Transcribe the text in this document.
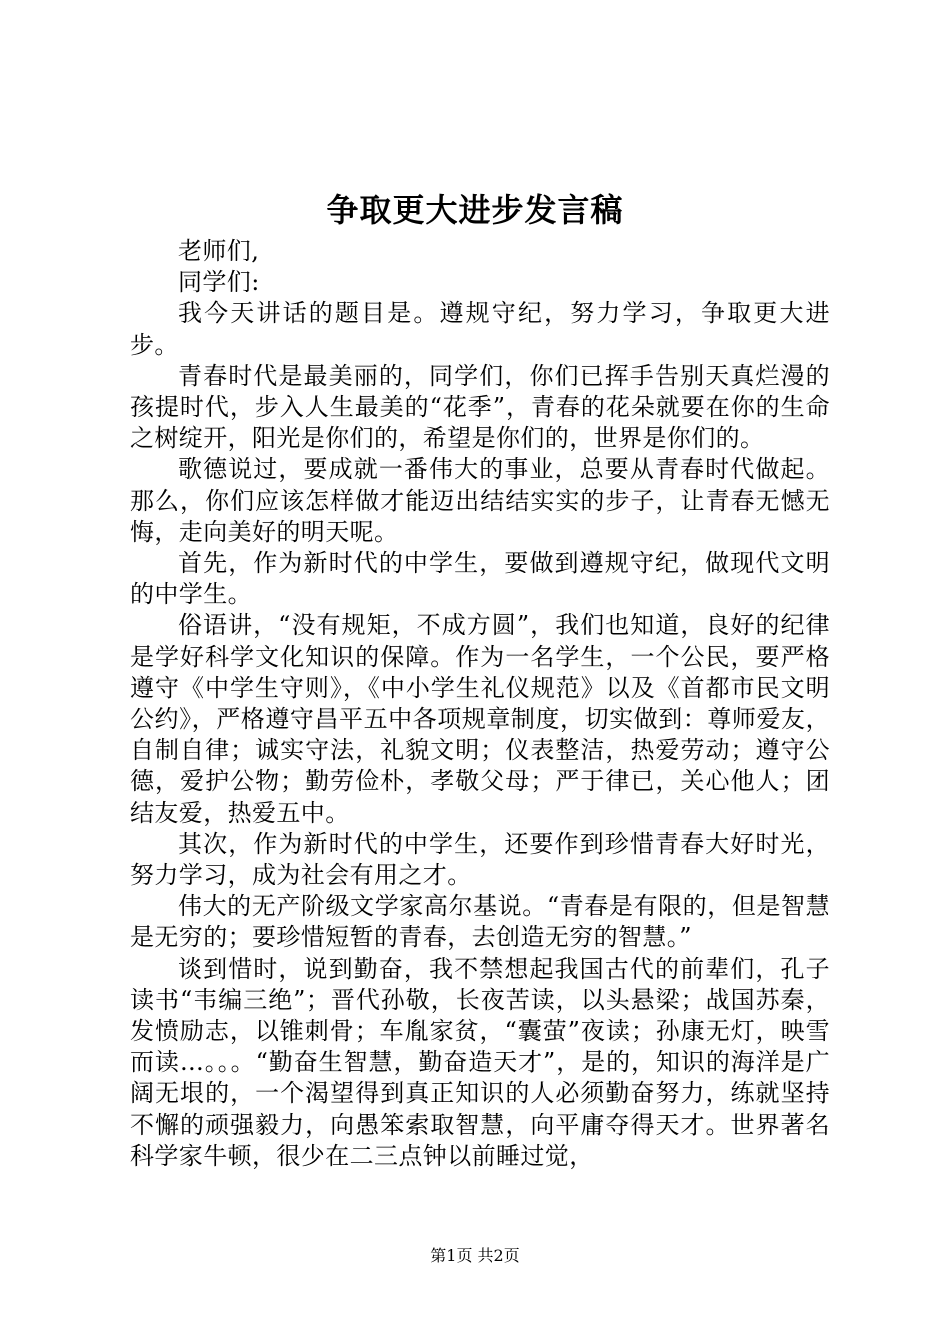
争取更大进步发言稿

老师们,

同学们:

我今天讲话的题目是。遵规守纪，努力学习，争取更大进步。

青春时代是最美丽的，同学们，你们已挥手告别天真烂漫的孩提时代，步入人生最美的“花季”，青春的花朵就要在你的生命之树绽开，阳光是你们的，希望是你们的，世界是你们的。

歌德说过，要成就一番伟大的事业，总要从青春时代做起。那么，你们应该怎样做才能迈出结结实实的步子，让青春无憾无悔，走向美好的明天呢。

首先，作为新时代的中学生，要做到遵规守纪，做现代文明的中学生。

俗语讲，“没有规矩，不成方圆”，我们也知道，良好的纪律是学好科学文化知识的保障。作为一名学生，一个公民，要严格遵守《中学生守则》，《中小学生礼仪规范》以及《首都市民文明公约》，严格遵守昌平五中各项规章制度，切实做到：尊师爱友，自制自律；诚实守法，礼貌文明；仪表整洁，热爱劳动；遵守公德，爱护公物；勤劳俭朴，孝敬父母；严于律已，关心他人；团结友爱，热爱五中。

其次，作为新时代的中学生，还要作到珍惜青春大好时光，努力学习，成为社会有用之才。

伟大的无产阶级文学家高尔基说。“青春是有限的，但是智慧是无穷的；要珍惜短暂的青春，去创造无穷的智慧。”

谈到惜时，说到勤奋，我不禁想起我国古代的前辈们，孔子读书“韦编三绝”；晋代孙敬，长夜苦读，以头悬梁；战国苏秦，发愤励志，以锥刺骨；车胤家贫，“囊萤”夜读；孙康无灯，映雪而读…。。。“勤奋生智慧，勤奋造天才”，是的，知识的海洋是广阔无垠的，一个渴望得到真正知识的人必须勤奋努力，练就坚持不懈的顽强毅力，向愚笨索取智慧，向平庸夺得天才。世界著名科学家牛顿，很少在二三点钟以前睡过觉，

第1页 共2页
